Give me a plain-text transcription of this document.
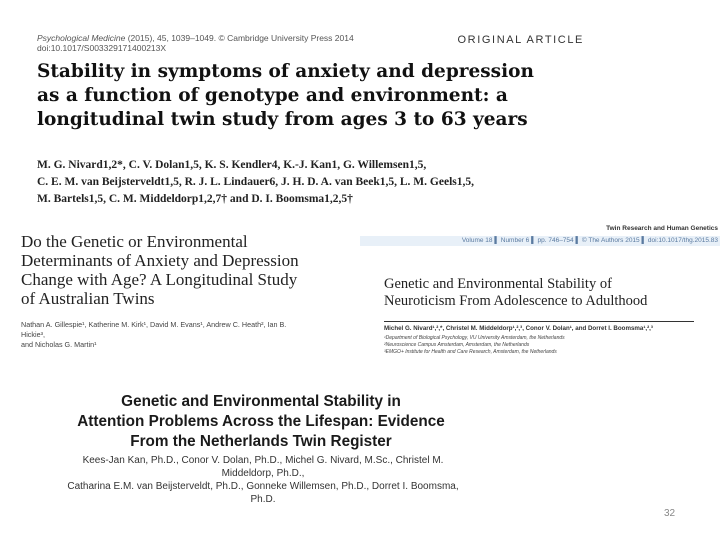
Psychological Medicine (2015), 45, 1039–1049. © Cambridge University Press 2014
doi:10.1017/S003329171400213X
ORIGINAL ARTICLE
Stability in symptoms of anxiety and depression
as a function of genotype and environment: a
longitudinal twin study from ages 3 to 63 years
M. G. Nivard1,2*, C. V. Dolan1,5, K. S. Kendler4, K.-J. Kan1, G. Willemsen1,5,
C. E. M. van Beijsterveldt1,5, R. J. L. Lindauer6, J. H. D. A. van Beek1,5, L. M. Geels1,5,
M. Bartels1,5, C. M. Middeldorp1,2,7† and D. I. Boomsma1,2,5†
Do the Genetic or Environmental
Determinants of Anxiety and Depression
Change with Age? A Longitudinal Study
of Australian Twins
Nathan A. Gillespie¹, Katherine M. Kirk¹, David M. Evans¹, Andrew C. Heath², Ian B. Hickie³,
and Nicholas G. Martin¹
Twin Research and Human Genetics
Volume 18 ▌ Number 6 ▌ pp. 746–754 ▌ © The Authors 2015 ▌ doi:10.1017/thg.2015.83
Genetic and Environmental Stability of
Neuroticism From Adolescence to Adulthood
Michel G. Nivard¹,²,*, Christel M. Middeldorp¹,²,³, Conor V. Dolan¹, and Dorret I. Boomsma¹,²,³
¹Department of Biological Psychology, VU University Amsterdam, the Netherlands
²Neuroscience Campus Amsterdam, Amsterdam, the Netherlands
³EMGO+ Institute for Health and Care Research, Amsterdam, the Netherlands
Genetic and Environmental Stability in
Attention Problems Across the Lifespan: Evidence
From the Netherlands Twin Register
Kees-Jan Kan, Ph.D., Conor V. Dolan, Ph.D., Michel G. Nivard, M.Sc., Christel M. Middeldorp, Ph.D.,
Catharina E.M. van Beijsterveldt, Ph.D., Gonneke Willemsen, Ph.D., Dorret I. Boomsma, Ph.D.
32
